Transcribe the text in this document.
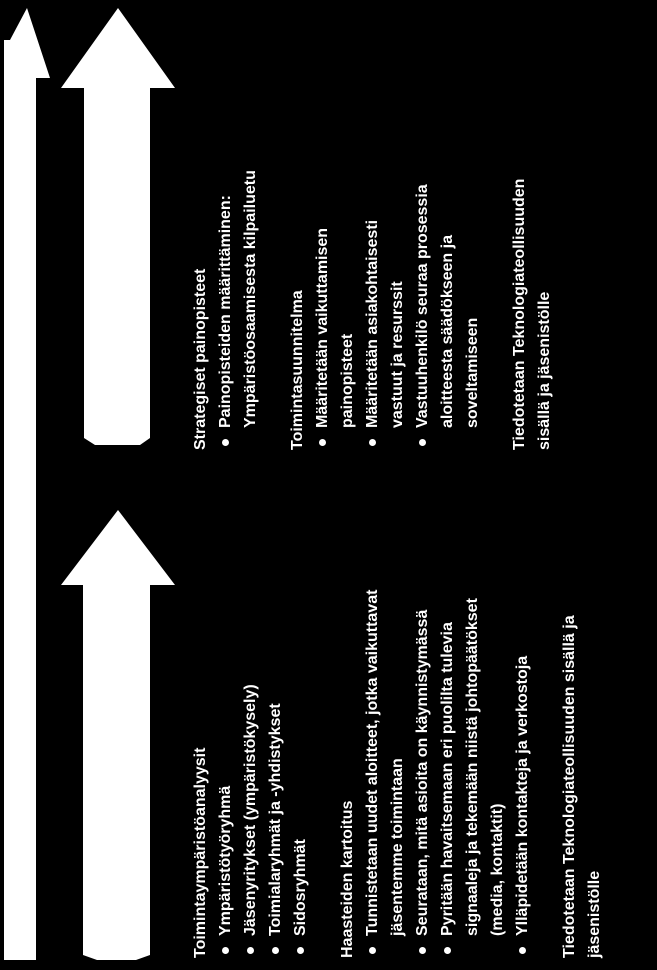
Toimintaympäristöanalyysit Ympäristötyöryhmä Jäsenyritykset (ympäristökysely) Toimialaryhmät ja -yhdistykset Sidosryhmät Haasteiden kartoitus Tunnistetaan uudet aloitteet, jotka vaikuttavat jäsentemme toimintaan Seurataan, mitä asioita on käynnistymässä Pyritään havaitsemaan eri puolilta tulevia signaaleja ja tekemään niistä johtopäätökset (media, kontaktit) Ylläpidetään kontakteja ja verkostoja Tiedotetaan Teknologiateollisuuden sisällä ja jäsenistölle
Strategiset painopisteet Painopisteiden määrittäminen: Ympäristöosaamisesta kilpailuetu Toimintasuunnitelma Määritetään vaikuttamisen painopisteet Määritetään asiakohtaisesti vastuut ja resurssit Vastuuhenkilö seuraa prosessia aloitteesta säädökseen ja soveltamiseen Tiedotetaan Teknologiateollisuuden sisällä ja jäsenistölle
